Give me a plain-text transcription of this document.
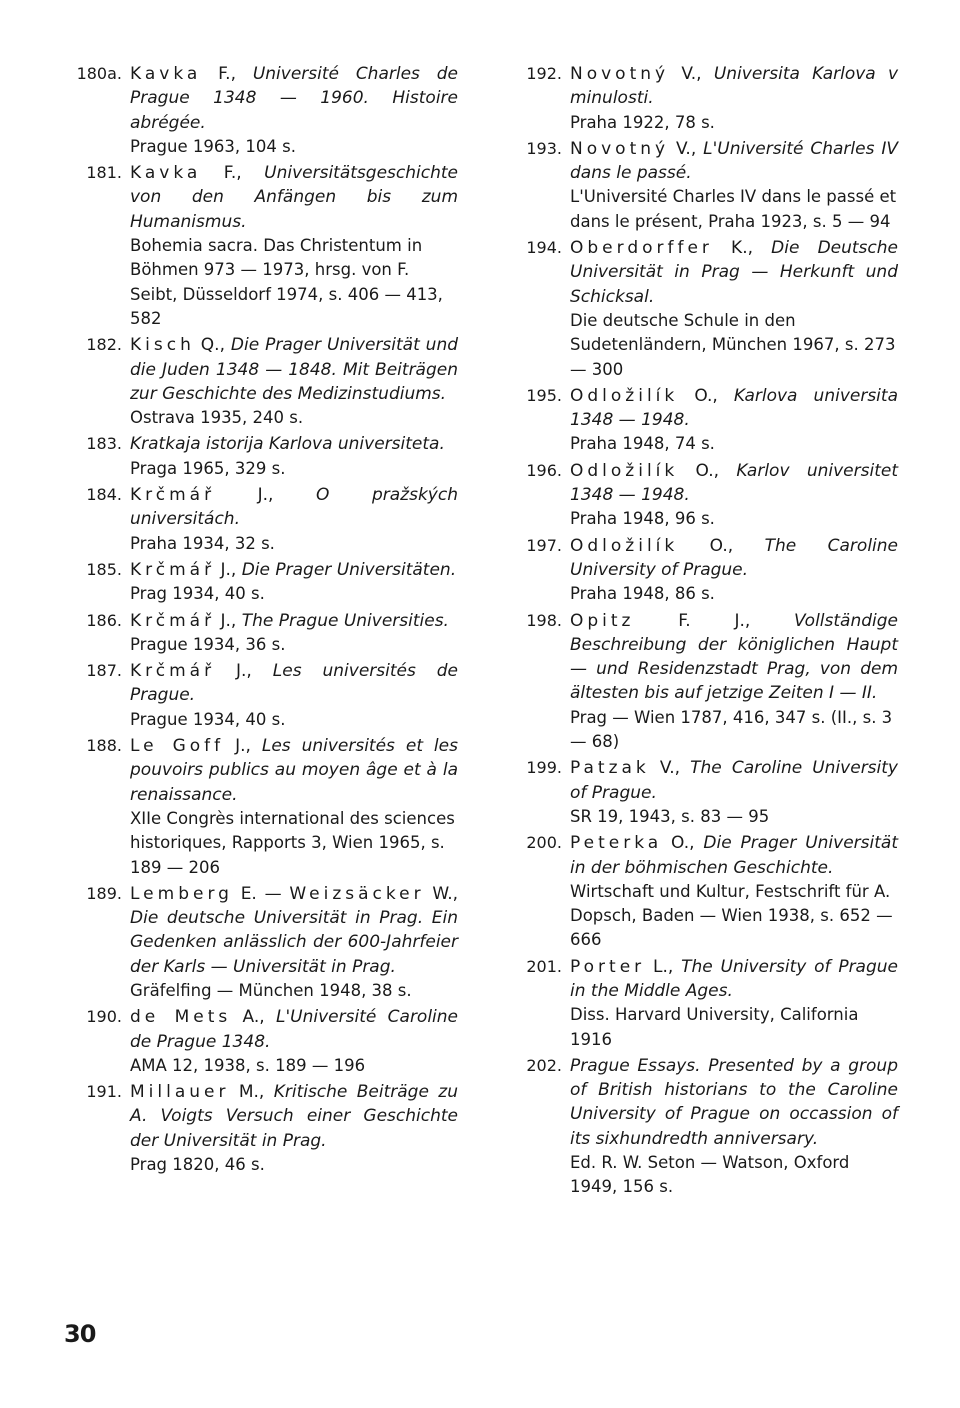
180a. Kavka F., Université Charles de Prague 1348 — 1960. Histoire abrégée.
Prague 1963, 104 s.
181. Kavka F., Universitätsgeschichte von den Anfängen bis zum Humanismus.
Bohemia sacra. Das Christentum in Böhmen 973 — 1973, hrsg. von F. Seibt, Düsseldorf 1974, s. 406 — 413, 582
182. Kisch Q., Die Prager Universität und die Juden 1348 — 1848. Mit Beiträgen zur Geschichte des Medizinstudiums.
Ostrava 1935, 240 s.
183. Kratkaja istorija Karlova universiteta.
Praga 1965, 329 s.
184. Krčmář J., O pražských universitách.
Praha 1934, 32 s.
185. Krčmář J., Die Prager Universitäten.
Prag 1934, 40 s.
186. Krčmář J., The Prague Universities.
Prague 1934, 36 s.
187. Krčmář J., Les universités de Prague.
Prague 1934, 40 s.
188. Le Goff J., Les universités et les pouvoirs publics au moyen âge et à la renaissance.
XIIe Congrès international des sciences historiques, Rapports 3, Wien 1965, s. 189 — 206
189. Lemberg E. — Weizsäcker W., Die deutsche Universität in Prag. Ein Gedenken anlässlich der 600-Jahrfeier der Karls — Universität in Prag.
Gräfelfing — München 1948, 38 s.
190. de Mets A., L'Université Caroline de Prague 1348.
AMA 12, 1938, s. 189 — 196
191. Millauer M., Kritische Beiträge zu A. Voigts Versuch einer Geschichte der Universität in Prag.
Prag 1820, 46 s.
192. Novotný V., Universita Karlova v minulosti.
Praha 1922, 78 s.
193. Novotný V., L'Université Charles IV dans le passé.
L'Université Charles IV dans le passé et dans le présent, Praha 1923, s. 5 — 94
194. Oberdorffer K., Die Deutsche Universität in Prag — Herkunft und Schicksal.
Die deutsche Schule in den Sudetenländern, München 1967, s. 273 — 300
195. Odložilík O., Karlova universita 1348 — 1948.
Praha 1948, 74 s.
196. Odložilík O., Karlov universitet 1348 — 1948.
Praha 1948, 96 s.
197. Odložilík O., The Caroline University of Prague.
Praha 1948, 86 s.
198. Opitz F. J., Vollständige Beschreibung der königlichen Haupt — und Residenzstadt Prag, von dem ältesten bis auf jetzige Zeiten I — II.
Prag — Wien 1787, 416, 347 s. (II., s. 3 — 68)
199. Patzak V., The Caroline University of Prague.
SR 19, 1943, s. 83 — 95
200. Peterka O., Die Prager Universität in der böhmischen Geschichte.
Wirtschaft und Kultur, Festschrift für A. Dopsch, Baden — Wien 1938, s. 652 — 666
201. Porter L., The University of Prague in the Middle Ages.
Diss. Harvard University, California 1916
202. Prague Essays. Presented by a group of British historians to the Caroline University of Prague on occassion of its sixhundredth anniversary.
Ed. R. W. Seton — Watson, Oxford 1949, 156 s.
30
